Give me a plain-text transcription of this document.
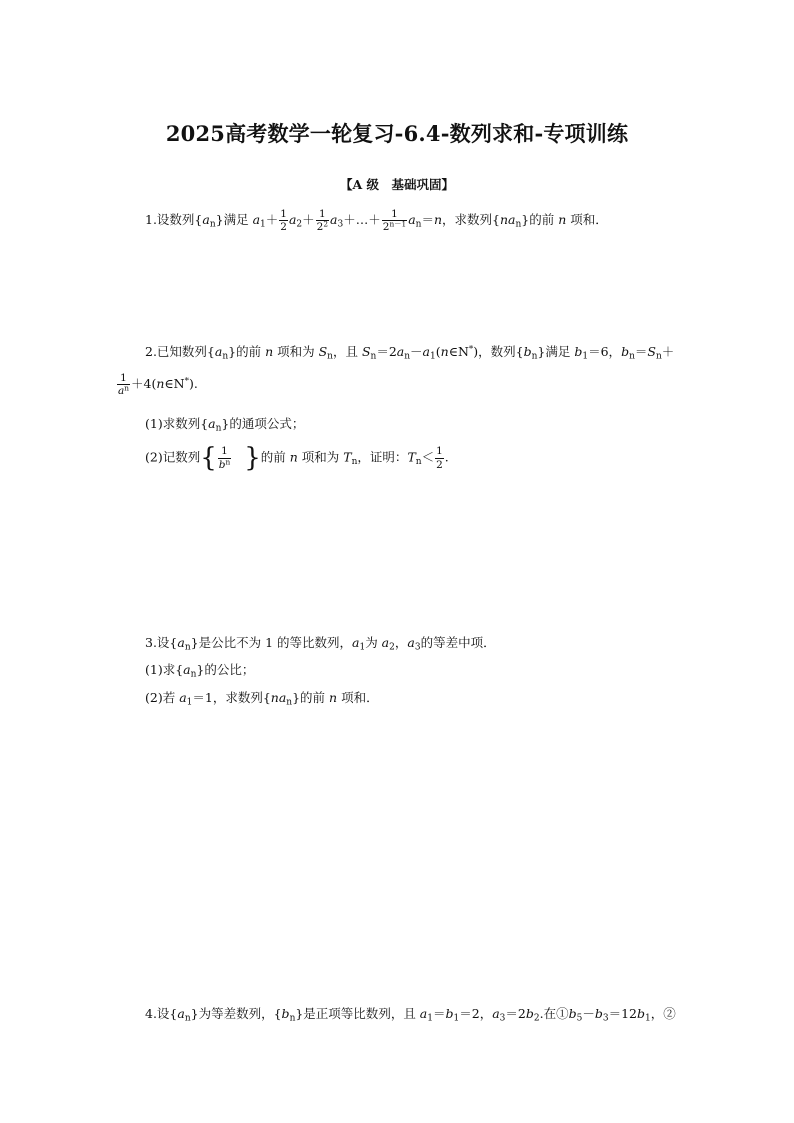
2025高考数学一轮复习-6.4-数列求和-专项训练
【A 级　基础巩固】
1.设数列$\{a_n\}$满足 $a_1+ \frac{1}{2} a_2+ \frac{1}{2^2}$ $a_3+\dots+ \frac{1}{2^{n-1}} a_n=n$，求数列$\{na_n\}$的前 n 项和．
2.已知数列$\{a_n\}$的前 n 项和为 $S_n$，且 $S_n=2a_n-a_1(n\in N^*)$，数列$\{b_n\}$满足 $b_1=6$，$b_n=S_n+$
$\frac{1}{a^n}$ ＋4(n∈N*).
(1)求数列$\{a_n\}$的通项公式；
(2)记数列{ $\frac{1}{b^n}$ }的前 n 项和为 $T_n$，证明：$T_n< \frac{1}{2}$ .
3.设$\{a_n\}$是公比不为 1 的等比数列，$a_1$为 $a_2$，$a_3$的等差中项．
(1)求$\{a_n\}$的公比；
(2)若 $a_1=1$，求数列$\{na_n\}$的前 n 项和．
4.设$\{a_n\}$为等差数列，$\{b_n\}$是正项等比数列，且 $a_1=b_1=2$，$a_3=2b_2$.在$①b_5-b_3=12b_1$，②
